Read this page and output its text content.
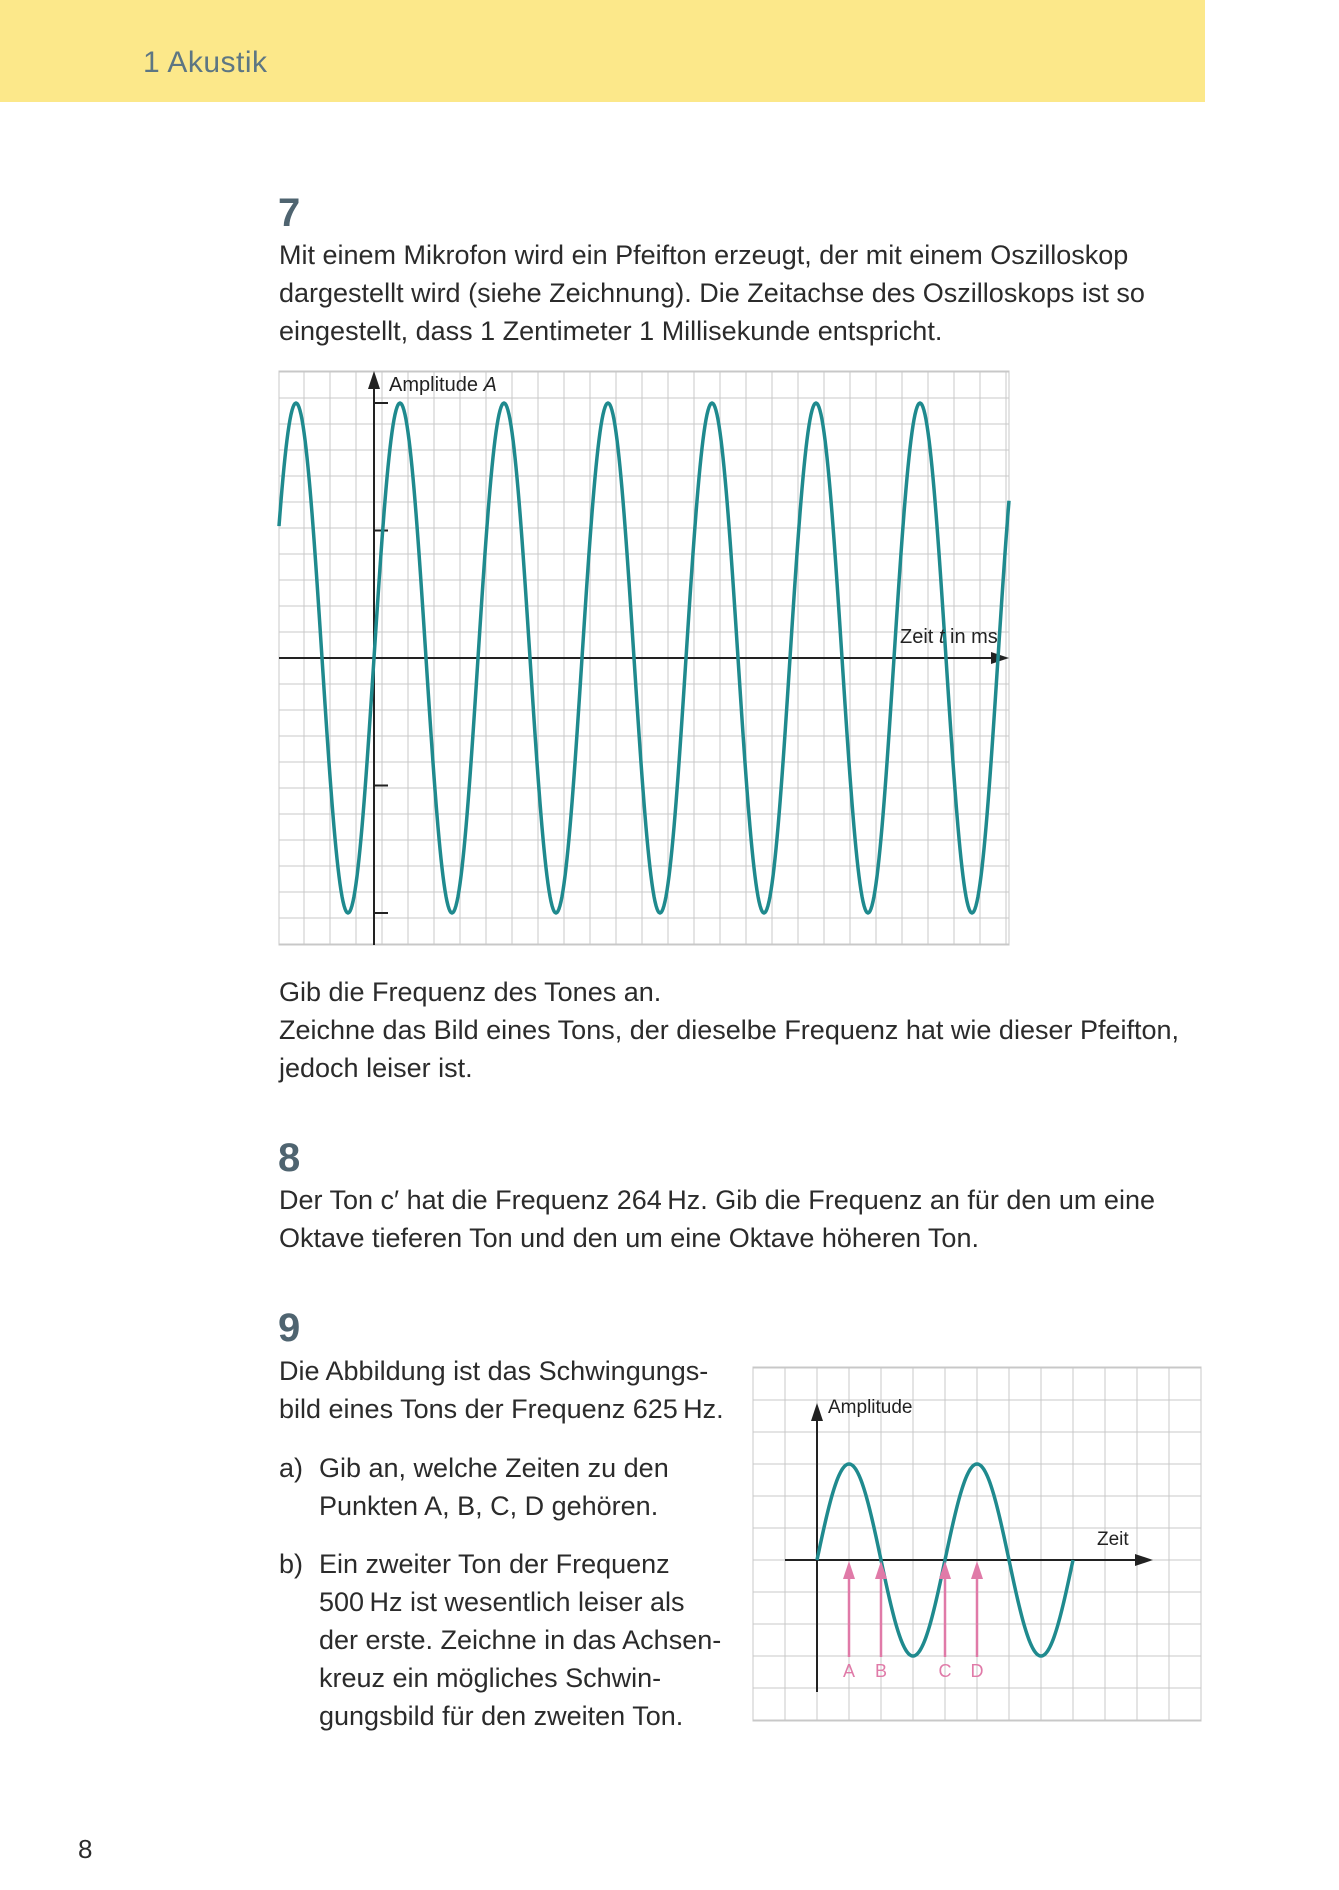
1 Akustik
7

Mit einem Mikrofon wird ein Pfeifton erzeugt, der mit einem Oszilloskop
dargestellt wird (siehe Zeichnung). Die Zeitachse des Oszilloskops ist so
eingestellt, dass 1 Zentimeter 1 Millisekunde entspricht.

Amplitude A
Zeit t in ms

Gib die Frequenz des Tones an.
Zeichne das Bild eines Tons, der dieselbe Frequenz hat wie dieser Pfeifton,
jedoch leiser ist.

8

Der Ton c′ hat die Frequenz 264 Hz. Gib die Frequenz an für den um eine
Oktave tieferen Ton und den um eine Oktave höheren Ton.

9

Die Abbildung ist das Schwingungs-
bild eines Tons der Frequenz 625 Hz.

a) Gib an, welche Zeiten zu den
Punkten A, B, C, D gehören.
b) Ein zweiter Ton der Frequenz
500 Hz ist wesentlich leiser als
der erste. Zeichne in das Achsen-
kreuz ein mögliches Schwin-
gungsbild für den zweiten Ton.
A B	C D
Amplitude
Zeit
8
